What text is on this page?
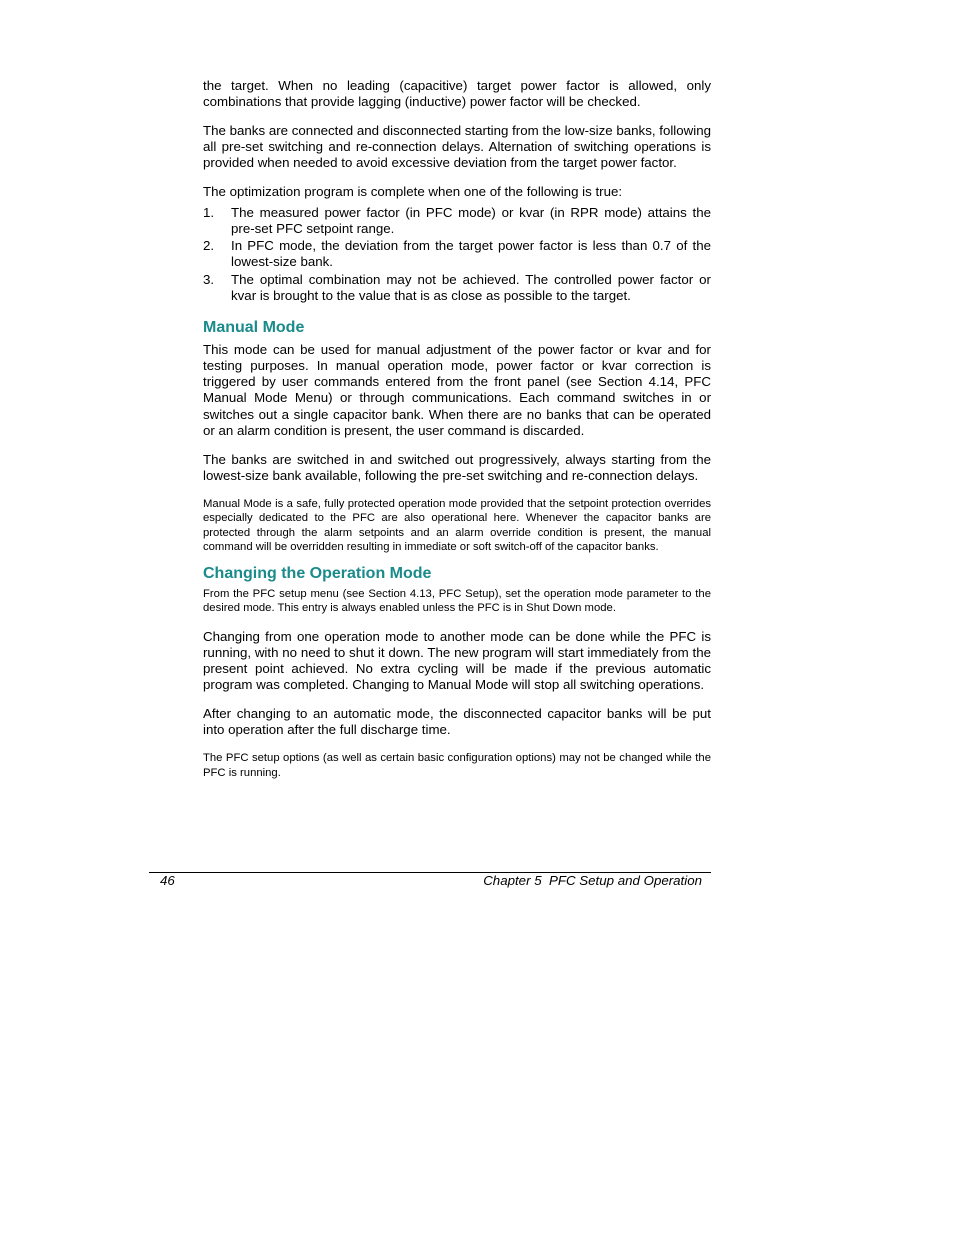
the target. When no leading (capacitive) target power factor is allowed, only combinations that provide lagging (inductive) power factor will be checked.

The banks are connected and disconnected starting from the low-size banks, following all pre-set switching and re-connection delays. Alternation of switching operations is provided when needed to avoid excessive deviation from the target power factor.

The optimization program is complete when one of the following is true:

1. The measured power factor (in PFC mode) or kvar (in RPR mode) attains the pre-set PFC setpoint range.
2. In PFC mode, the deviation from the target power factor is less than 0.7 of the lowest-size bank.
3. The optimal combination may not be achieved. The controlled power factor or kvar is brought to the value that is as close as possible to the target.
Manual Mode

This mode can be used for manual adjustment of the power factor or kvar and for testing purposes. In manual operation mode, power factor or kvar correction is triggered by user commands entered from the front panel (see Section 4.14, PFC Manual Mode Menu) or through communications. Each command switches in or switches out a single capacitor bank. When there are no banks that can be operated or an alarm condition is present, the user command is discarded.

The banks are switched in and switched out progressively, always starting from the lowest-size bank available, following the pre-set switching and re-connection delays.

Manual Mode is a safe, fully protected operation mode provided that the setpoint protection overrides especially dedicated to the PFC are also operational here. Whenever the capacitor banks are protected through the alarm setpoints and an alarm override condition is present, the manual command will be overridden resulting in immediate or soft switch-off of the capacitor banks.

Changing the Operation Mode

From the PFC setup menu (see Section 4.13, PFC Setup), set the operation mode parameter to the desired mode. This entry is always enabled unless the PFC is in Shut Down mode.

Changing from one operation mode to another mode can be done while the PFC is running, with no need to shut it down. The new program will start immediately from the present point achieved. No extra cycling will be made if the previous automatic program was completed. Changing to Manual Mode will stop all switching operations.

After changing to an automatic mode, the disconnected capacitor banks will be put into operation after the full discharge time.

The PFC setup options (as well as certain basic configuration options) may not be changed while the PFC is running.

46	Chapter 5  PFC Setup and Operation
